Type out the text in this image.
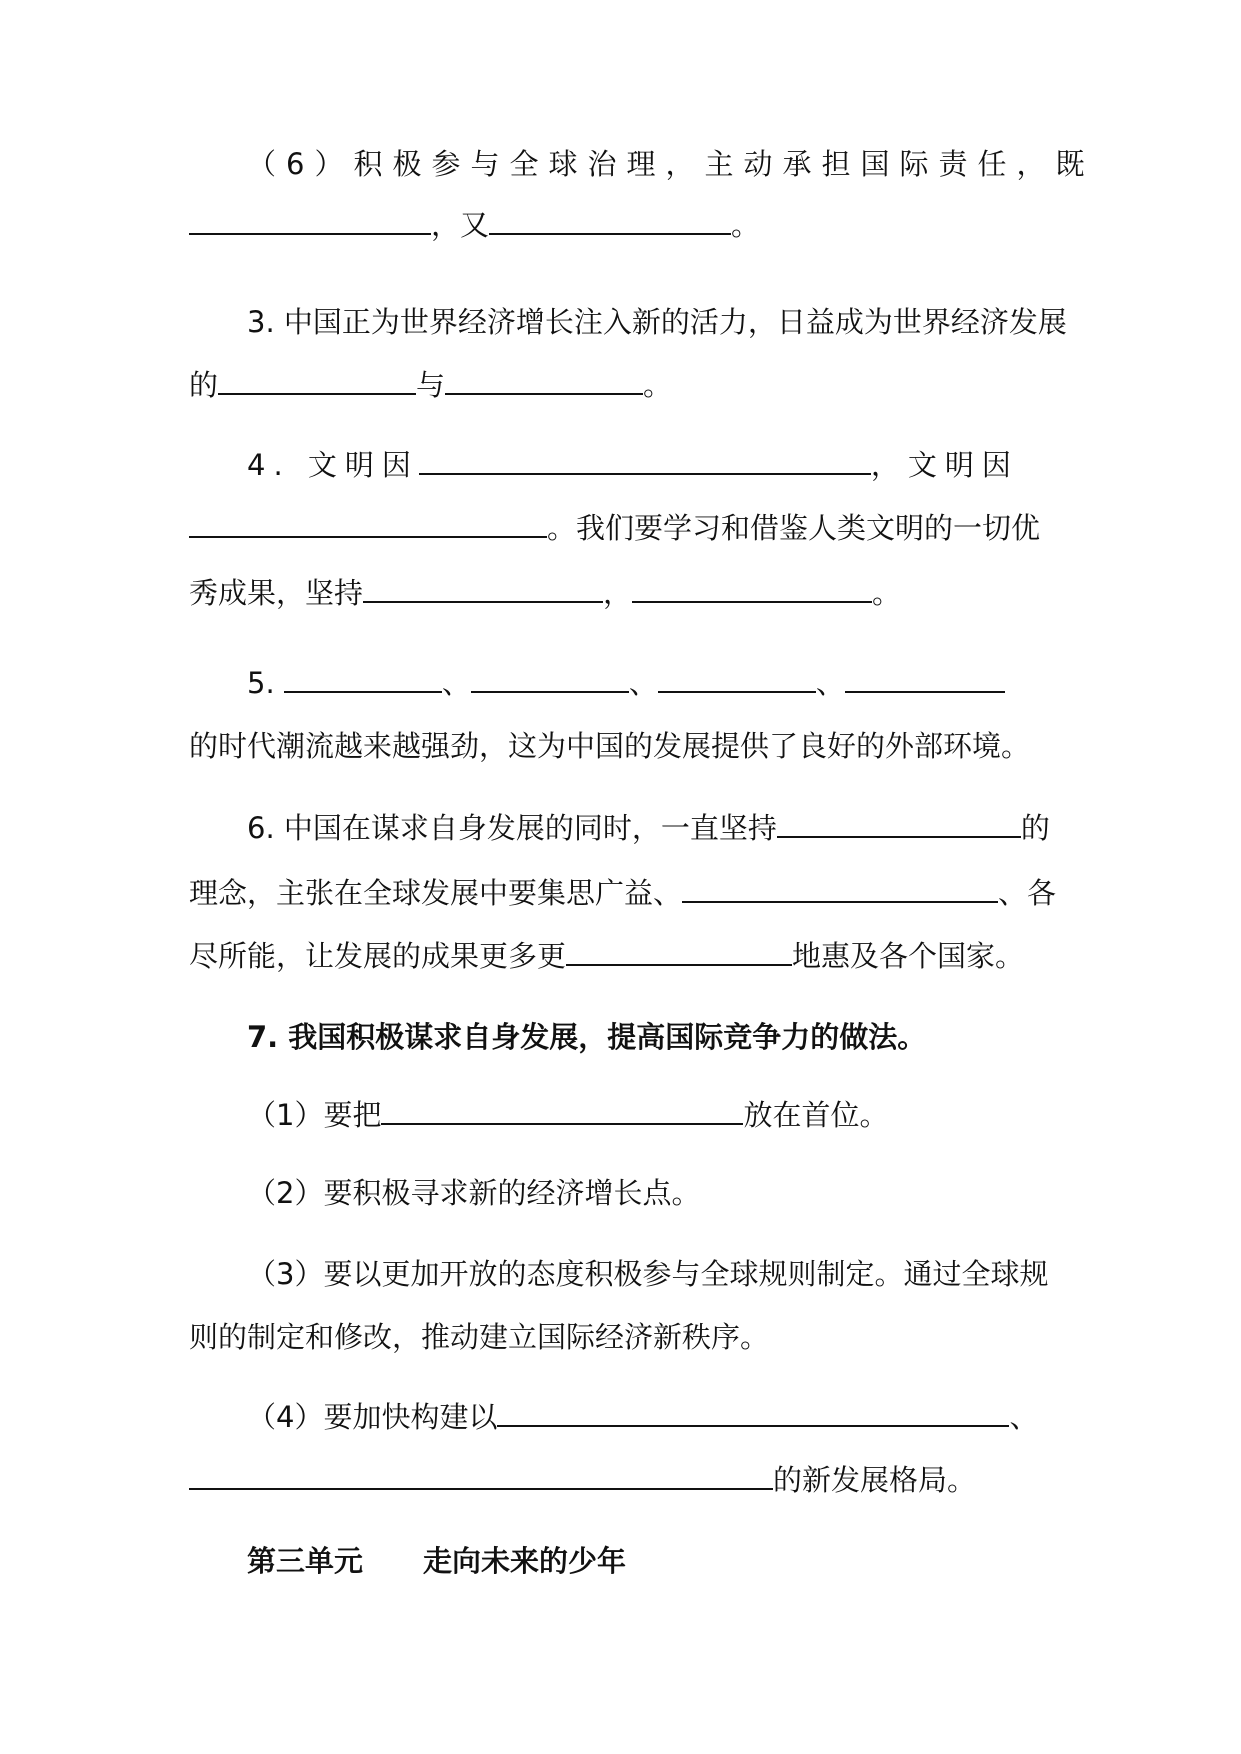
（6）积极参与全球治理，主动承担国际责任，既
，又	。
3. 中国正为世界经济增长注入新的活力，日益成为世界经济发展
的	与	。
4. 文明因	，文明因
。我们要学习和借鉴人类文明的一切优
秀成果，坚持	，	。
5.	、	、	、
的时代潮流越来越强劲，这为中国的发展提供了良好的外部环境。
6. 中国在谋求自身发展的同时，一直坚持	的
理念，主张在全球发展中要集思广益、	、各
尽所能，让发展的成果更多更	地惠及各个国家。
7. 我国积极谋求自身发展，提高国际竞争力的做法。
（1）要把	放在首位。
（2）要积极寻求新的经济增长点。
（3）要以更加开放的态度积极参与全球规则制定。通过全球规
则的制定和修改，推动建立国际经济新秩序。
（4）要加快构建以	、
的新发展格局。
第三单元 走向未来的少年
